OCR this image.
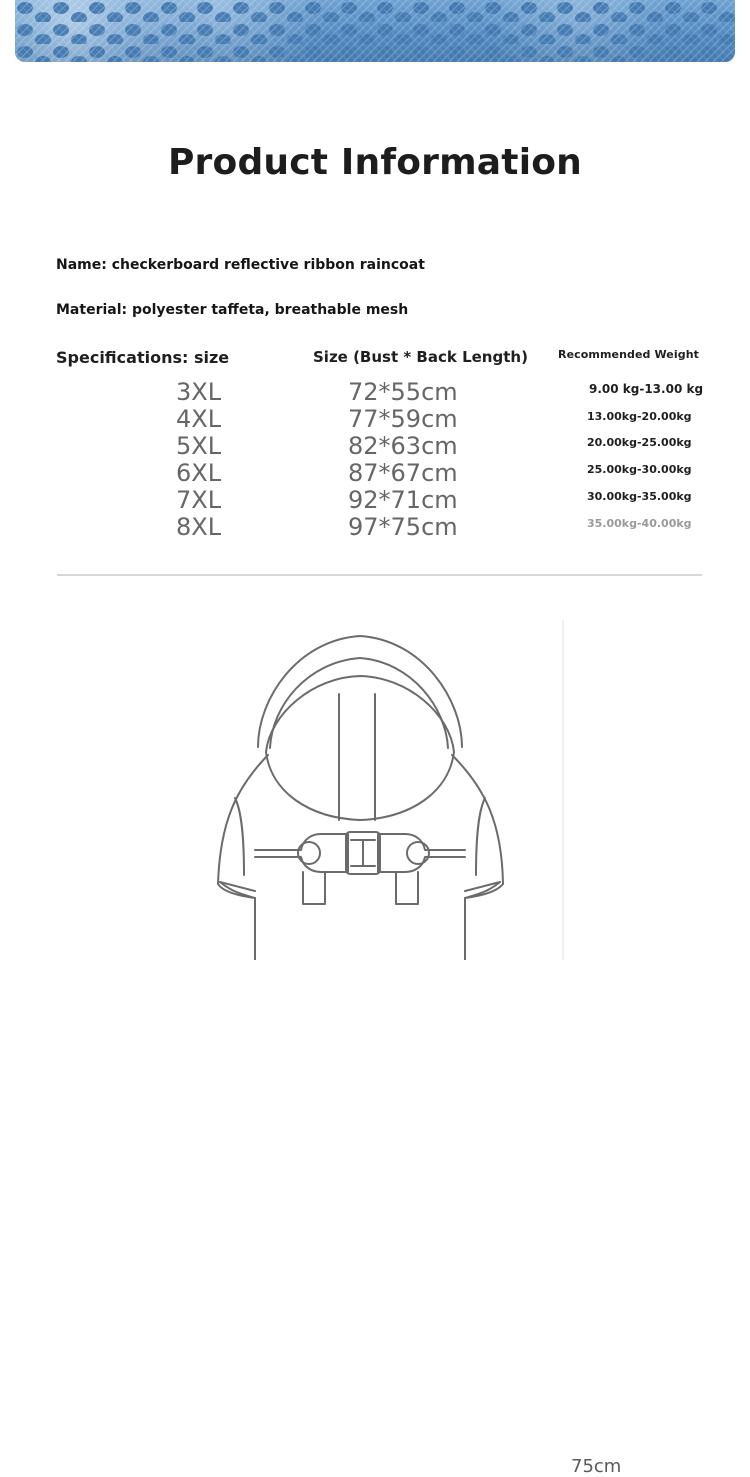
Product Information
Name: checkerboard reflective ribbon raincoat
Material: polyester taffeta, breathable mesh
Specifications: size	Size (Bust * Back Length)	Recommended Weight
3XL	72*55cm	9.00 kg-13.00 kg
4XL	77*59cm	13.00kg-20.00kg
5XL	82*63cm	20.00kg-25.00kg
6XL	87*67cm	25.00kg-30.00kg
7XL	92*71cm	30.00kg-35.00kg
8XL	97*75cm	35.00kg-40.00kg
75cm
